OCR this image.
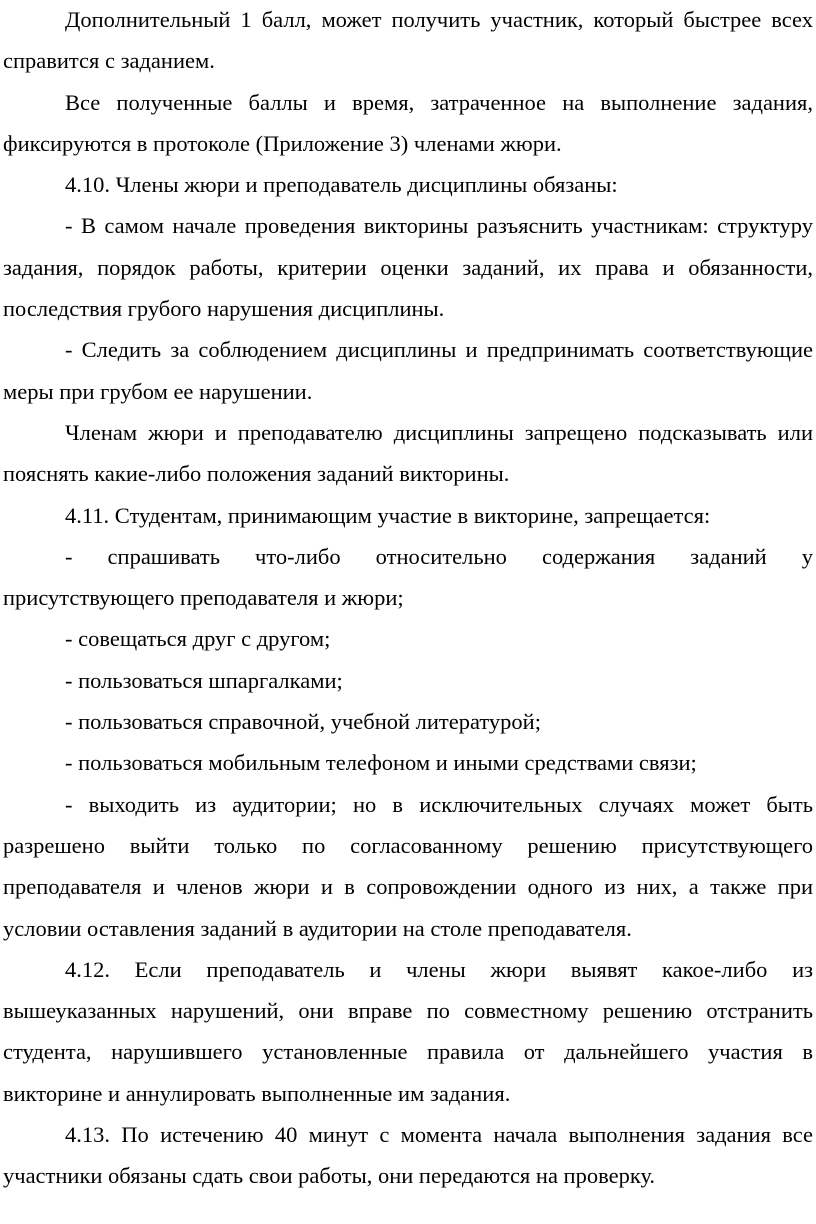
Дополнительный 1 балл, может получить участник, который быстрее всех справится с заданием.

Все полученные баллы и время, затраченное на выполнение задания, фиксируются в протоколе (Приложение 3) членами жюри.

4.10. Члены жюри и преподаватель дисциплины обязаны:

- В самом начале проведения викторины разъяснить участникам: структуру задания, порядок работы, критерии оценки заданий, их права и обязанности, последствия грубого нарушения дисциплины.

- Следить за соблюдением дисциплины и предпринимать соответствующие меры при грубом ее нарушении.

Членам жюри и преподавателю дисциплины запрещено подсказывать или пояснять какие-либо положения заданий викторины.

4.11. Студентам, принимающим участие в викторине, запрещается:

- спрашивать что-либо относительно содержания заданий у присутствующего преподавателя и жюри;

- совещаться друг с другом;

- пользоваться шпаргалками;

- пользоваться справочной, учебной литературой;

- пользоваться мобильным телефоном и иными средствами связи;

- выходить из аудитории; но в исключительных случаях может быть разрешено выйти только по согласованному решению присутствующего преподавателя и членов жюри и в сопровождении одного из них, а также при условии оставления заданий в аудитории на столе преподавателя.

4.12. Если преподаватель и члены жюри выявят какое-либо из вышеуказанных нарушений, они вправе по совместному решению отстранить студента, нарушившего установленные правила от дальнейшего участия в викторине и аннулировать выполненные им задания.

4.13. По истечению 40 минут с момента начала выполнения задания все участники обязаны сдать свои работы, они передаются на проверку.
